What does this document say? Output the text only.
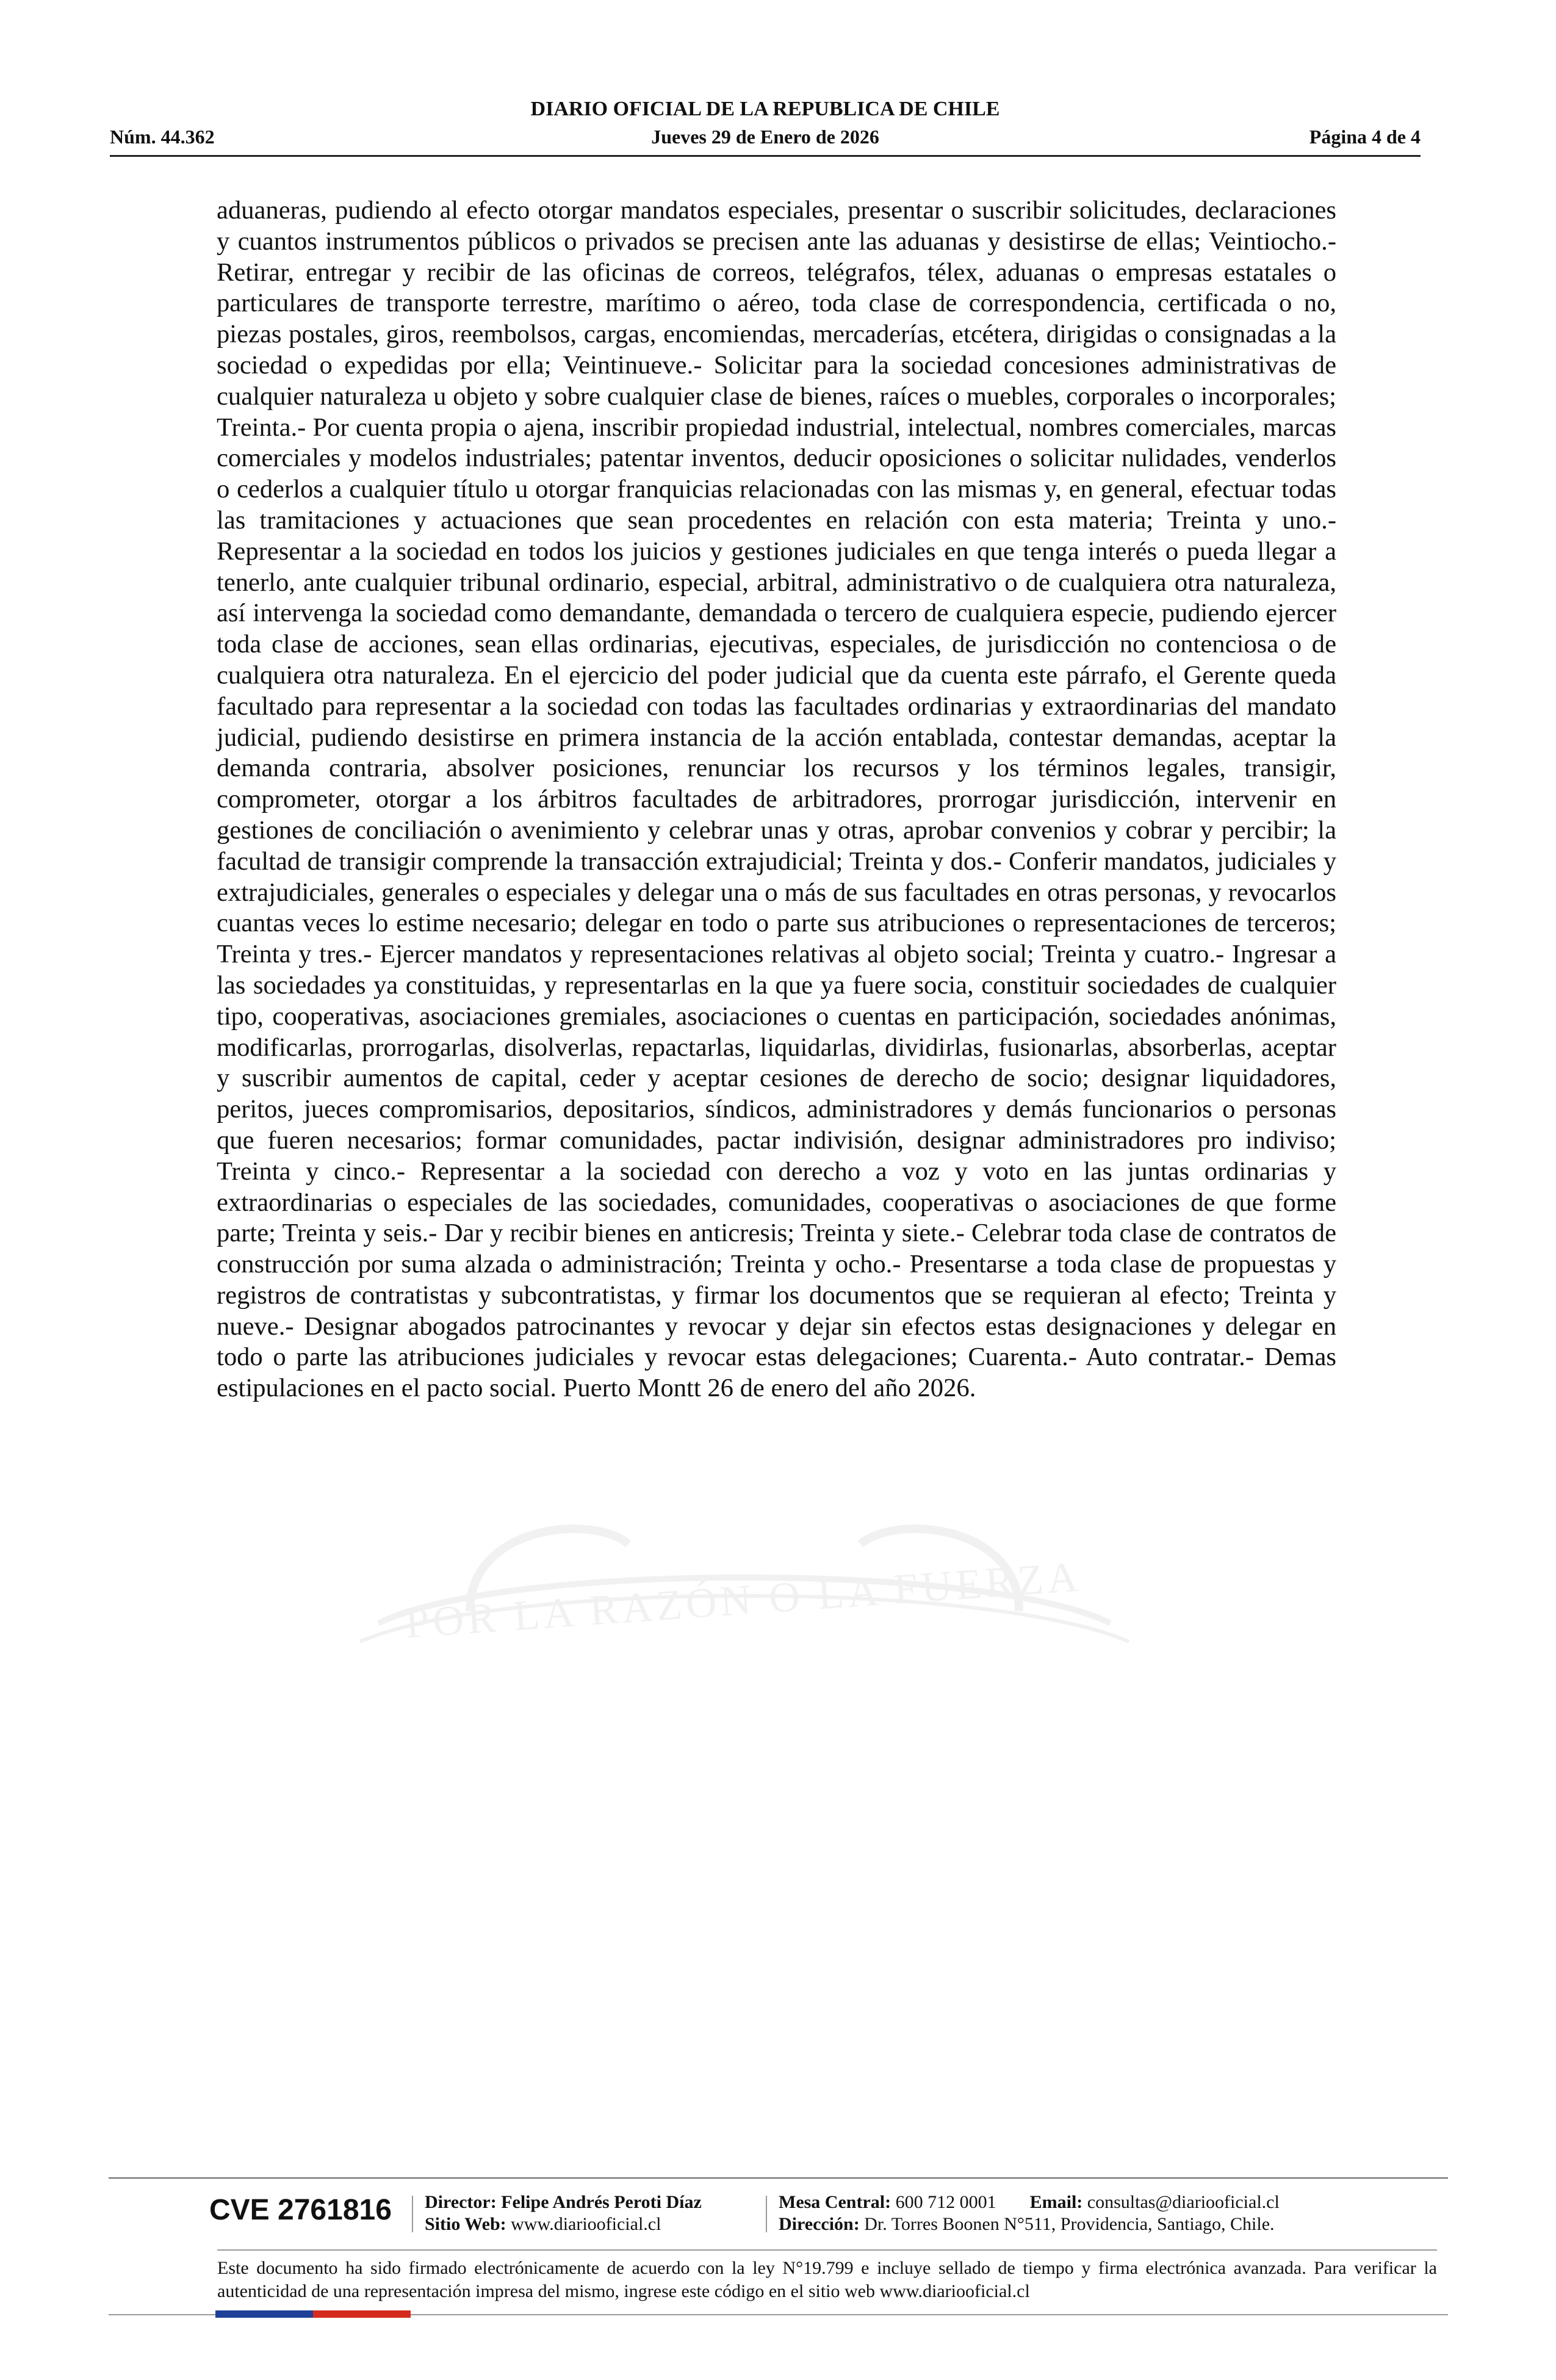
DIARIO OFICIAL DE LA REPUBLICA DE CHILE
Núm. 44.362	Jueves 29 de Enero de 2026	Página 4 de 4
POR LA RAZÓN O LA FUERZA

aduaneras, pudiendo al efecto otorgar mandatos especiales, presentar o suscribir solicitudes, declaraciones y cuantos instrumentos públicos o privados se precisen ante las aduanas y desistirse de ellas; Veintiocho.- Retirar, entregar y recibir de las oficinas de correos, telégrafos, télex, aduanas o empresas estatales o particulares de transporte terrestre, marítimo o aéreo, toda clase de correspondencia, certificada o no, piezas postales, giros, reembolsos, cargas, encomiendas, mercaderías, etcétera, dirigidas o consignadas a la sociedad o expedidas por ella; Veintinueve.- Solicitar para la sociedad concesiones administrativas de cualquier naturaleza u objeto y sobre cualquier clase de bienes, raíces o muebles, corporales o incorporales; Treinta.- Por cuenta propia o ajena, inscribir propiedad industrial, intelectual, nombres comerciales, marcas comerciales y modelos industriales; patentar inventos, deducir oposiciones o solicitar nulidades, venderlos o cederlos a cualquier título u otorgar franquicias relacionadas con las mismas y, en general, efectuar todas las tramitaciones y actuaciones que sean procedentes en relación con esta materia; Treinta y uno.- Representar a la sociedad en todos los juicios y gestiones judiciales en que tenga interés o pueda llegar a tenerlo, ante cualquier tribunal ordinario, especial, arbitral, administrativo o de cualquiera otra naturaleza, así intervenga la sociedad como demandante, demandada o tercero de cualquiera especie, pudiendo ejercer toda clase de acciones, sean ellas ordinarias, ejecutivas, especiales, de jurisdicción no contenciosa o de cualquiera otra naturaleza. En el ejercicio del poder judicial que da cuenta este párrafo, el Gerente queda facultado para representar a la sociedad con todas las facultades ordinarias y extraordinarias del mandato judicial, pudiendo desistirse en primera instancia de la acción entablada, contestar demandas, aceptar la demanda contraria, absolver posiciones, renunciar los recursos y los términos legales, transigir, comprometer, otorgar a los árbitros facultades de arbitradores, prorrogar jurisdicción, intervenir en gestiones de conciliación o avenimiento y celebrar unas y otras, aprobar convenios y cobrar y percibir; la facultad de transigir comprende la transacción extrajudicial; Treinta y dos.- Conferir mandatos, judiciales y extrajudiciales, generales o especiales y delegar una o más de sus facultades en otras personas, y revocarlos cuantas veces lo estime necesario; delegar en todo o parte sus atribuciones o representaciones de terceros; Treinta y tres.- Ejercer mandatos y representaciones relativas al objeto social; Treinta y cuatro.- Ingresar a las sociedades ya constituidas, y representarlas en la que ya fuere socia, constituir sociedades de cualquier tipo, cooperativas, asociaciones gremiales, asociaciones o cuentas en participación, sociedades anónimas, modificarlas, prorrogarlas, disolverlas, repactarlas, liquidarlas, dividirlas, fusionarlas, absorberlas, aceptar y suscribir aumentos de capital, ceder y aceptar cesiones de derecho de socio; designar liquidadores, peritos, jueces compromisarios, depositarios, síndicos, administradores y demás funcionarios o personas que fueren necesarios; formar comunidades, pactar indivisión, designar administradores pro indiviso; Treinta y cinco.- Representar a la sociedad con derecho a voz y voto en las juntas ordinarias y extraordinarias o especiales de las sociedades, comunidades, cooperativas o asociaciones de que forme parte; Treinta y seis.- Dar y recibir bienes en anticresis; Treinta y siete.- Celebrar toda clase de contratos de construcción por suma alzada o administración; Treinta y ocho.- Presentarse a toda clase de propuestas y registros de contratistas y subcontratistas, y firmar los documentos que se requieran al efecto; Treinta y nueve.- Designar abogados patrocinantes y revocar y dejar sin efectos estas designaciones y delegar en todo o parte las atribuciones judiciales y revocar estas delegaciones; Cuarenta.- Auto contratar.- Demas estipulaciones en el pacto social. Puerto Montt 26 de enero del año 2026.

CVE 2761816 Director: Felipe Andrés Peroti Díaz
Sitio Web: www.diariooficial.cl
Mesa Central: 600 712 0001 Email: consultas@diariooficial.cl
Dirección: Dr. Torres Boonen N°511, Providencia, Santiago, Chile.

Este documento ha sido firmado electrónicamente de acuerdo con la ley N°19.799 e incluye sellado de tiempo y firma electrónica avanzada. Para verificar la autenticidad de una representación impresa del mismo, ingrese este código en el sitio web www.diariooficial.cl
